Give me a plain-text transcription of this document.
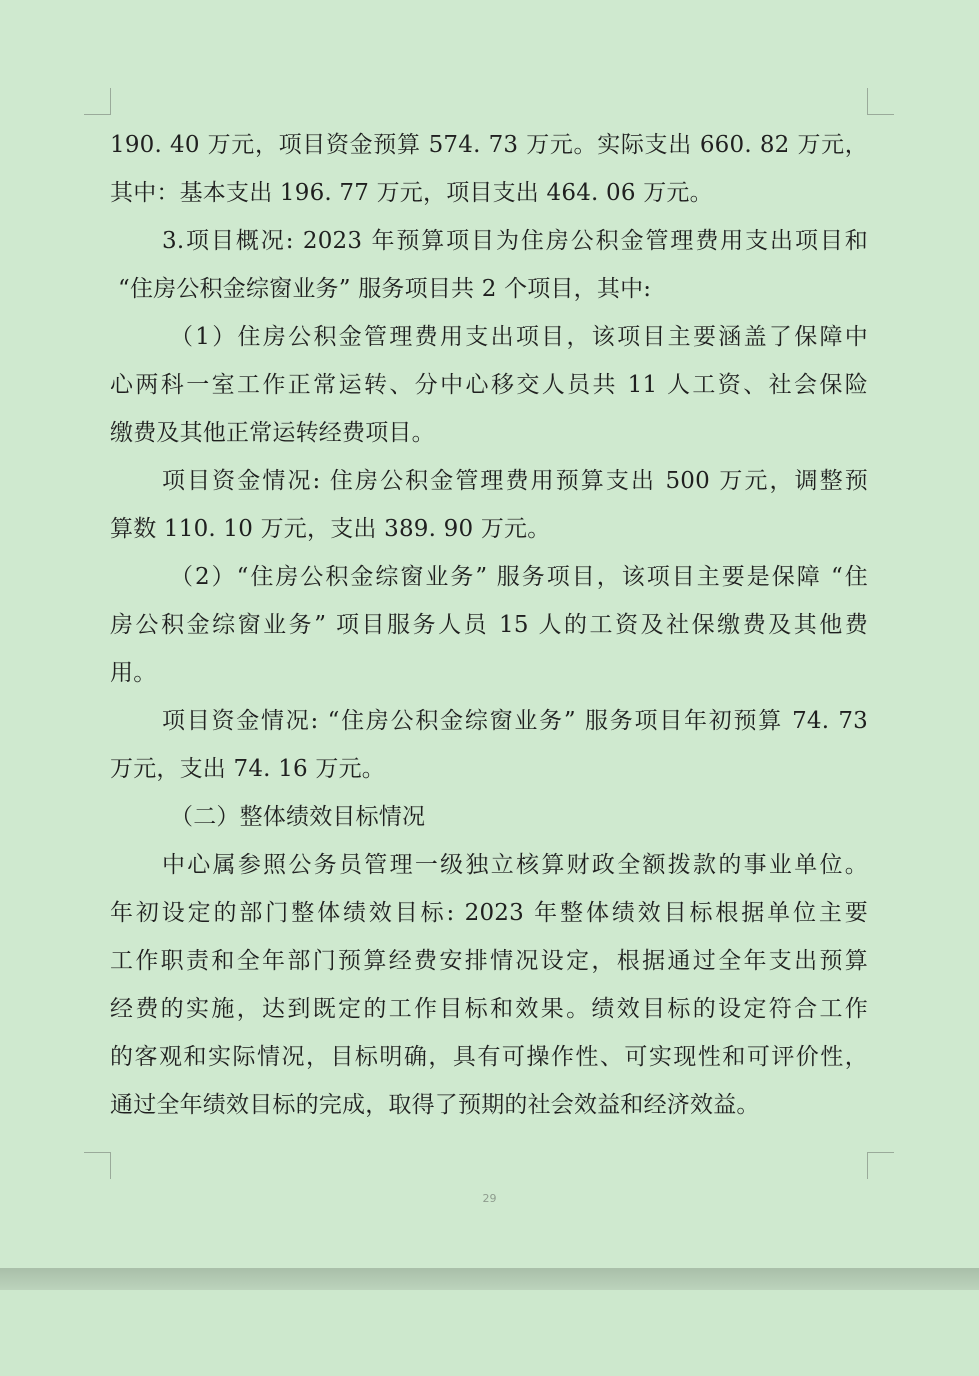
190. 40 万元，项目资金预算 574. 73 万元。实际支出 660. 82 万元，
其中：基本支出 196. 77 万元，项目支出 464. 06 万元。
3.项目概况: 2023 年预算项目为住房公积金管理费用支出项目和
“住房公积金综窗业务” 服务项目共 2 个项目，其中:
（1）住房公积金管理费用支出项目，该项目主要涵盖了保障中
心两科一室工作正常运转、分中心移交人员共 11 人工资、社会保险
缴费及其他正常运转经费项目。
项目资金情况: 住房公积金管理费用预算支出 500 万元，调整预
算数 110. 10 万元，支出 389. 90 万元。
（2）“住房公积金综窗业务” 服务项目，该项目主要是保障 “住
房公积金综窗业务” 项目服务人员 15 人的工资及社保缴费及其他费
用。
项目资金情况: “住房公积金综窗业务” 服务项目年初预算 74. 73
万元，支出 74. 16 万元。
（二）整体绩效目标情况
中心属参照公务员管理一级独立核算财政全额拨款的事业单位。
年初设定的部门整体绩效目标: 2023 年整体绩效目标根据单位主要
工作职责和全年部门预算经费安排情况设定，根据通过全年支出预算
经费的实施，达到既定的工作目标和效果。绩效目标的设定符合工作
的客观和实际情况，目标明确，具有可操作性、可实现性和可评价性，
通过全年绩效目标的完成，取得了预期的社会效益和经济效益。
29
